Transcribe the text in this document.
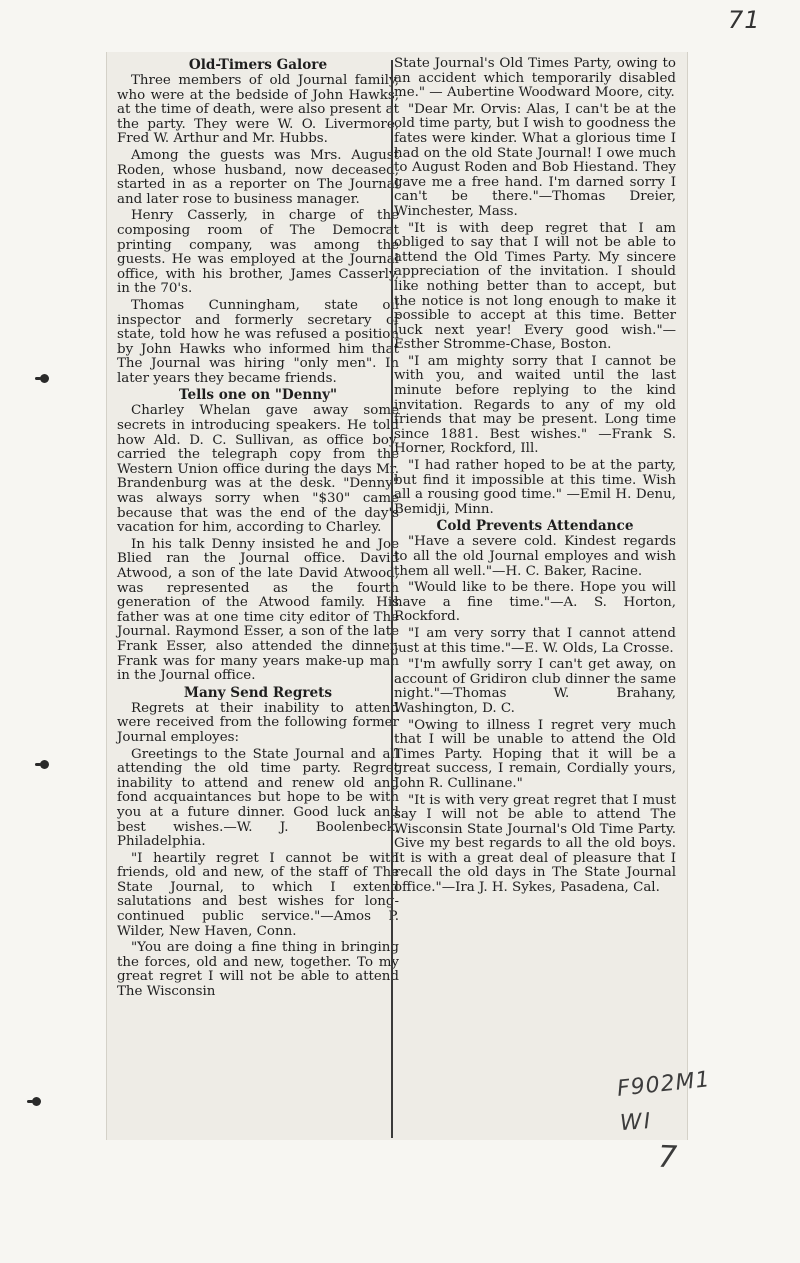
71
Old-Timers Galore

Three members of old Journal family, who were at the bedside of John Hawks, at the time of death, were also present at the party. They were W. O. Livermore, Fred W. Arthur and Mr. Hubbs.

Among the guests was Mrs. August Roden, whose husband, now deceased, started in as a reporter on The Journal and later rose to business manager.

Henry Casserly, in charge of the composing room of The Democrat printing company, was among the guests. He was employed at the Journal office, with his brother, James Casserly, in the 70's.

Thomas Cunningham, state oil inspector and formerly secretary of state, told how he was refused a position by John Hawks who informed him that The Journal was hiring "only men". In later years they became friends.

Tells one on "Denny"

Charley Whelan gave away some secrets in introducing speakers. He told how Ald. D. C. Sullivan, as office boy, carried the telegraph copy from the Western Union office during the days Mr. Brandenburg was at the desk. "Denny" was always sorry when "$30" came because that was the end of the day's vacation for him, according to Charley.

In his talk Denny insisted he and Joe Blied ran the Journal office. David Atwood, a son of the late David Atwood, was represented as the fourth generation of the Atwood family. His father was at one time city editor of The Journal. Raymond Esser, a son of the late Frank Esser, also attended the dinner. Frank was for many years make-up man in the Journal office.

Many Send Regrets

Regrets at their inability to attend were received from the following former Journal employes:

Greetings to the State Journal and all attending the old time party. Regret inability to attend and renew old and fond acquaintances but hope to be with you at a future dinner. Good luck and best wishes.—W. J. Boolenbeck, Philadelphia.

"I heartily regret I cannot be with friends, old and new, of the staff of The State Journal, to which I extend salutations and best wishes for long-continued public service."—Amos P. Wilder, New Haven, Conn.

"You are doing a fine thing in bringing the forces, old and new, together. To my great regret I will not be able to attend The Wisconsin

State Journal's Old Times Party, owing to an accident which temporarily disabled me." — Aubertine Woodward Moore, city.

"Dear Mr. Orvis: Alas, I can't be at the old time party, but I wish to goodness the fates were kinder. What a glorious time I had on the old State Journal! I owe much to August Roden and Bob Hiestand. They gave me a free hand. I'm darned sorry I can't be there."—Thomas Dreier, Winchester, Mass.

"It is with deep regret that I am obliged to say that I will not be able to attend the Old Times Party. My sincere appreciation of the invitation. I should like nothing better than to accept, but the notice is not long enough to make it possible to accept at this time. Better luck next year! Every good wish."—Esther Stromme-Chase, Boston.

"I am mighty sorry that I cannot be with you, and waited until the last minute before replying to the kind invitation. Regards to any of my old friends that may be present. Long time since 1881. Best wishes." —Frank S. Horner, Rockford, Ill.

"I had rather hoped to be at the party, but find it impossible at this time. Wish all a rousing good time." —Emil H. Denu, Bemidji, Minn.

Cold Prevents Attendance

"Have a severe cold. Kindest regards to all the old Journal employes and wish them all well."—H. C. Baker, Racine.

"Would like to be there. Hope you will have a fine time."—A. S. Horton, Rockford.

"I am very sorry that I cannot attend just at this time."—E. W. Olds, La Crosse.

"I'm awfully sorry I can't get away, on account of Gridiron club dinner the same night."—Thomas W. Brahany, Washington, D. C.

"Owing to illness I regret very much that I will be unable to attend the Old Times Party. Hoping that it will be a great success, I remain, Cordially yours, John R. Cullinane."

"It is with very great regret that I must say I will not be able to attend The Wisconsin State Journal's Old Time Party. Give my best regards to all the old boys. It is with a great deal of pleasure that I recall the old days in The State Journal office."—Ira J. H. Sykes, Pasadena, Cal.

F902M1
WI
7
